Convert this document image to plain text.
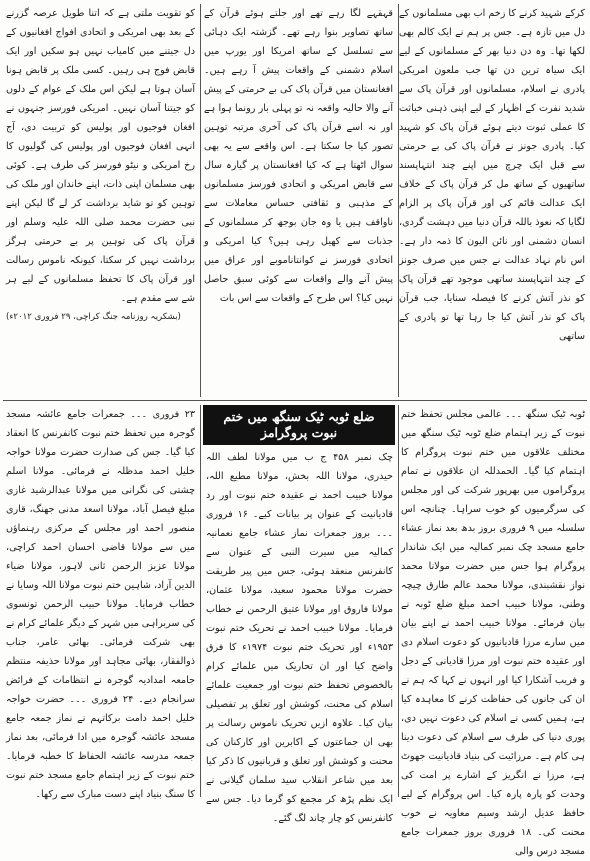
کرکے شہید کرنے کا زخم اب بھی مسلمانوں کے دل میں تازہ ہے۔ جس پر ہم نے ایک کالم بھی لکھا تھا۔ وہ دن دنیا بھر کے مسلمانوں کے لیے ایک سیاہ ترین دن تھا جب ملعون امریکی پادری نے اسلام، مسلمانوں اور قرآن پاک سے شدید نفرت کے اظہار کے لیے اپنی ذہنی خباثت کا عملی ثبوت دیتے ہوئے قرآن پاک کو شہید کیا۔ پادری جونز نے قرآن پاک کی بے حرمتی سے قبل ایک چرچ میں اپنے چند انتہاپسند ساتھیوں کے ساتھ مل کر قرآن پاک کے خلاف ایک عدالت قائم کی اور قرآن پاک پر الزام لگایا کہ نعوذ باللہ قرآن دنیا میں دہشت گردی، انسان دشمنی اور نائن الیون کا ذمہ دار ہے۔ اس نام نہاد عدالت نے جس میں صرف جونز کے چند انتہاپسند ساتھی موجود تھے قرآن پاک کو نذر آتش کرنے کا فیصلہ سنایا، جب قرآن پاک کو نذر آتش کیا جا رہا تھا تو پادری کے ساتھی

قہقہے لگا رہے تھے اور جلتے ہوئے قرآن کے ساتھ تصاویر بنوا رہے تھے۔ گزشتہ ایک دہائی سے تسلسل کے ساتھ امریکا اور یورپ میں اسلام دشمنی کے واقعات پیش آ رہے ہیں۔ افغانستان میں قرآن پاک کی بے حرمتی کے پیش آنے والا حالیہ واقعہ نہ تو پہلی بار رونما ہوا ہے اور نہ اسے قرآن پاک کی آخری مرتبہ توہین تصور کیا جا سکتا ہے۔ اس واقعے سے یہ بھی سوال اٹھتا ہے کہ کیا افغانستان پر گیارہ سال سے قابض امریکی و اتحادی فورسز مسلمانوں کے مذہبی و ثقافتی حساس معاملات سے ناواقف ہیں یا وہ جان بوجھ کر مسلمانوں کے جذبات سے کھیل رہی ہیں؟ کیا امریکی و اتحادی فورسز نے کوانتاناموبے اور عراق میں پیش آنے والے واقعات سے کوئی سبق حاصل نہیں کیا؟ اس طرح کے واقعات سے اس بات

کو تقویت ملتی ہے کہ اتنا طویل عرصہ گزرنے کے بعد بھی امریکی و اتحادی افواج افغانیوں کے دل جیتنے میں کامیاب نہیں ہو سکیں اور ایک قابض فوج ہی رہیں۔ کسی ملک پر قابض ہونا آسان ہوتا ہے لیکن اس ملک کے عوام کے دلوں کو جیتنا آسان نہیں۔ امریکی فورسز جنہوں نے افغان فوجیوں اور پولیس کو تربیت دی، آج انہی افغان فوجیوں اور پولیس کی گولیوں کا رخ امریکی و نیٹو فورسز کی طرف ہے۔ کوئی بھی مسلمان اپنی ذات، اپنے خاندان اور ملک کی توہین کو تو شاید برداشت کر لے گا لیکن اپنے نبی حضرت محمد صلی اللہ علیہ وسلم اور قرآن پاک کی توہین پر بے حرمتی ہرگز برداشت نہیں کر سکتا، کیونکہ ناموس رسالت اور قرآن پاک کا تحفظ مسلمانوں کے لیے ہر شے سے مقدم ہے۔

(بشکریہ روزنامہ جنگ کراچی، ۲۹ فروری ۲۰۱۲ء)

ٹوبہ ٹیک سنگھ ۔۔۔ عالمی مجلس تحفظ ختم نبوت کے زیر اہتمام ضلع ٹوبہ ٹیک سنگھ میں مختلف علاقوں میں ختم نبوت پروگرام کا اہتمام کیا گیا۔ الحمدللہ ان علاقوں نے تمام پروگراموں میں بھرپور شرکت کی اور مجلس کی سرگرمیوں کو خوب سراہا۔ چنانچہ اس سلسلہ میں ۹ فروری بروز بدھ بعد نماز عشاء جامع مسجد چک نمبر کمالیہ میں ایک شاندار پروگرام ہوا جس میں حضرت مولانا محمد نواز نقشبندی، مولانا محمد عالم طارق چیچہ وطنی، مولانا خبیب احمد مبلغ ضلع ٹوبہ نے بیان فرمائے۔ مولانا خبیب احمد نے اپنے بیان میں سارے مرزا قادیانیوں کو دعوت اسلام دی اور عقیدہ ختم نبوت اور مرزا قادیانی کے دجل و فریب آشکارا کیا اور انہوں نے کہا کہ ہم نے ان کی جانوں کی حفاظت کرنے کا معاہدہ کیا ہے، ہمیں کسی نے اسلام کی دعوت نہیں دی، پوری دنیا کی طرف سے اسلام کی دعوت دینا ہی کام ہے۔ مرزائیت کی بنیاد قادیانیت جھوٹ ہے، مرزا نے انگریز کے اشارے پر امت کی وحدت کو پارہ پارہ کیا۔ اس پروگرام کے لیے حافظ عدیل ارشد وسیم معاویہ نے خوب محنت کی۔ ۱۸ فروری بروز جمعرات جامع مسجد درس والی

ضلع ٹوبہ ٹیک سنگھ میں ختم نبوت پروگرامز

چک نمبر ۴۵۸ ج ب میں مولانا لطف اللہ حیدری، مولانا اللہ بخش، مولانا مطیع اللہ، مولانا خبیب احمد نے عقیدہ ختم نبوت اور رد قادیانیت کے عنوان پر بیانات کیے۔ ۱۶ فروری ۔۔۔ بروز جمعرات نماز عشاء جامع نعمانیہ کمالیہ میں سیرت النبی کے عنوان سے کانفرنس منعقد ہوئی، جس میں پیر طریقت حضرت مولانا محمود سعید، مولانا عثمان، مولانا فاروق اور مولانا عتیق الرحمن نے خطاب فرمایا۔ مولانا خبیب احمد نے تحریک ختم نبوت ۱۹۵۳ء اور تحریک ختم نبوت ۱۹۷۴ء کا فرق واضح کیا اور ان تحاریک میں علمائے کرام بالخصوص تحفظ ختم نبوت اور جمعیت علمائے اسلام کی محنت، کوشش اور تعلق پر تفصیلی بیان کیا۔ علاوہ ازیں تحریک ناموس رسالت پر بھی ان جماعتوں کے اکابرین اور کارکنان کی محنت و کوشش اور تعلق و قربانیوں کا ذکر کیا بعد میں شاعر انقلاب سید سلمان گیلانی نے ایک نظم پڑھ کر مجمع کو گرما دیا۔ جس سے کانفرنس کو چار چاند لگ گئے۔

۲۳ فروری ۔۔۔ جمعرات جامع عائشہ مسجد گوجرہ میں تحفظ ختم نبوت کانفرنس کا انعقاد کیا گیا۔ جس کی صدارت حضرت مولانا خواجہ خلیل احمد مدظلہ نے فرمائی۔ مولانا اسلم چشتی کی نگرانی میں مولانا عبدالرشید غازی مبلغ فیصل آباد، مولانا اسعد مدنی جھنگ، قاری منصور احمد اور مجلس کے مرکزی رہنماؤں میں سے مولانا قاضی احسان احمد کراچی، مولانا عزیز الرحمن ثانی لاہور، مولانا ضیاء الدین آزاد، شاہین ختم نبوت مولانا اللہ وسایا نے خطاب فرمایا۔ مولانا حبیب الرحمن تونسوی کی سربراہی میں شہر کے دیگر علمائے کرام نے بھی شرکت فرمائی۔ بھائی عامر، جناب ذوالفقار، بھائی مجاہد اور مولانا حذیفہ منتظم جامعہ امدادیہ گوجرہ نے انتظامات کے فرائض سرانجام دیے۔ ۲۴ فروری ۔۔۔ حضرت خواجہ خلیل احمد دامت برکاتہم نے نماز جمعہ جامع مسجد عائشہ گوجرہ میں ادا فرمائی، بعد نماز جمعہ مدرسہ عائشہ الحفاظ کا خطبہ فرمایا۔ ختم نبوت کے زیر اہتمام جامع مسجد ختم نبوت کا سنگ بنیاد اپنے دست مبارک سے رکھا۔
